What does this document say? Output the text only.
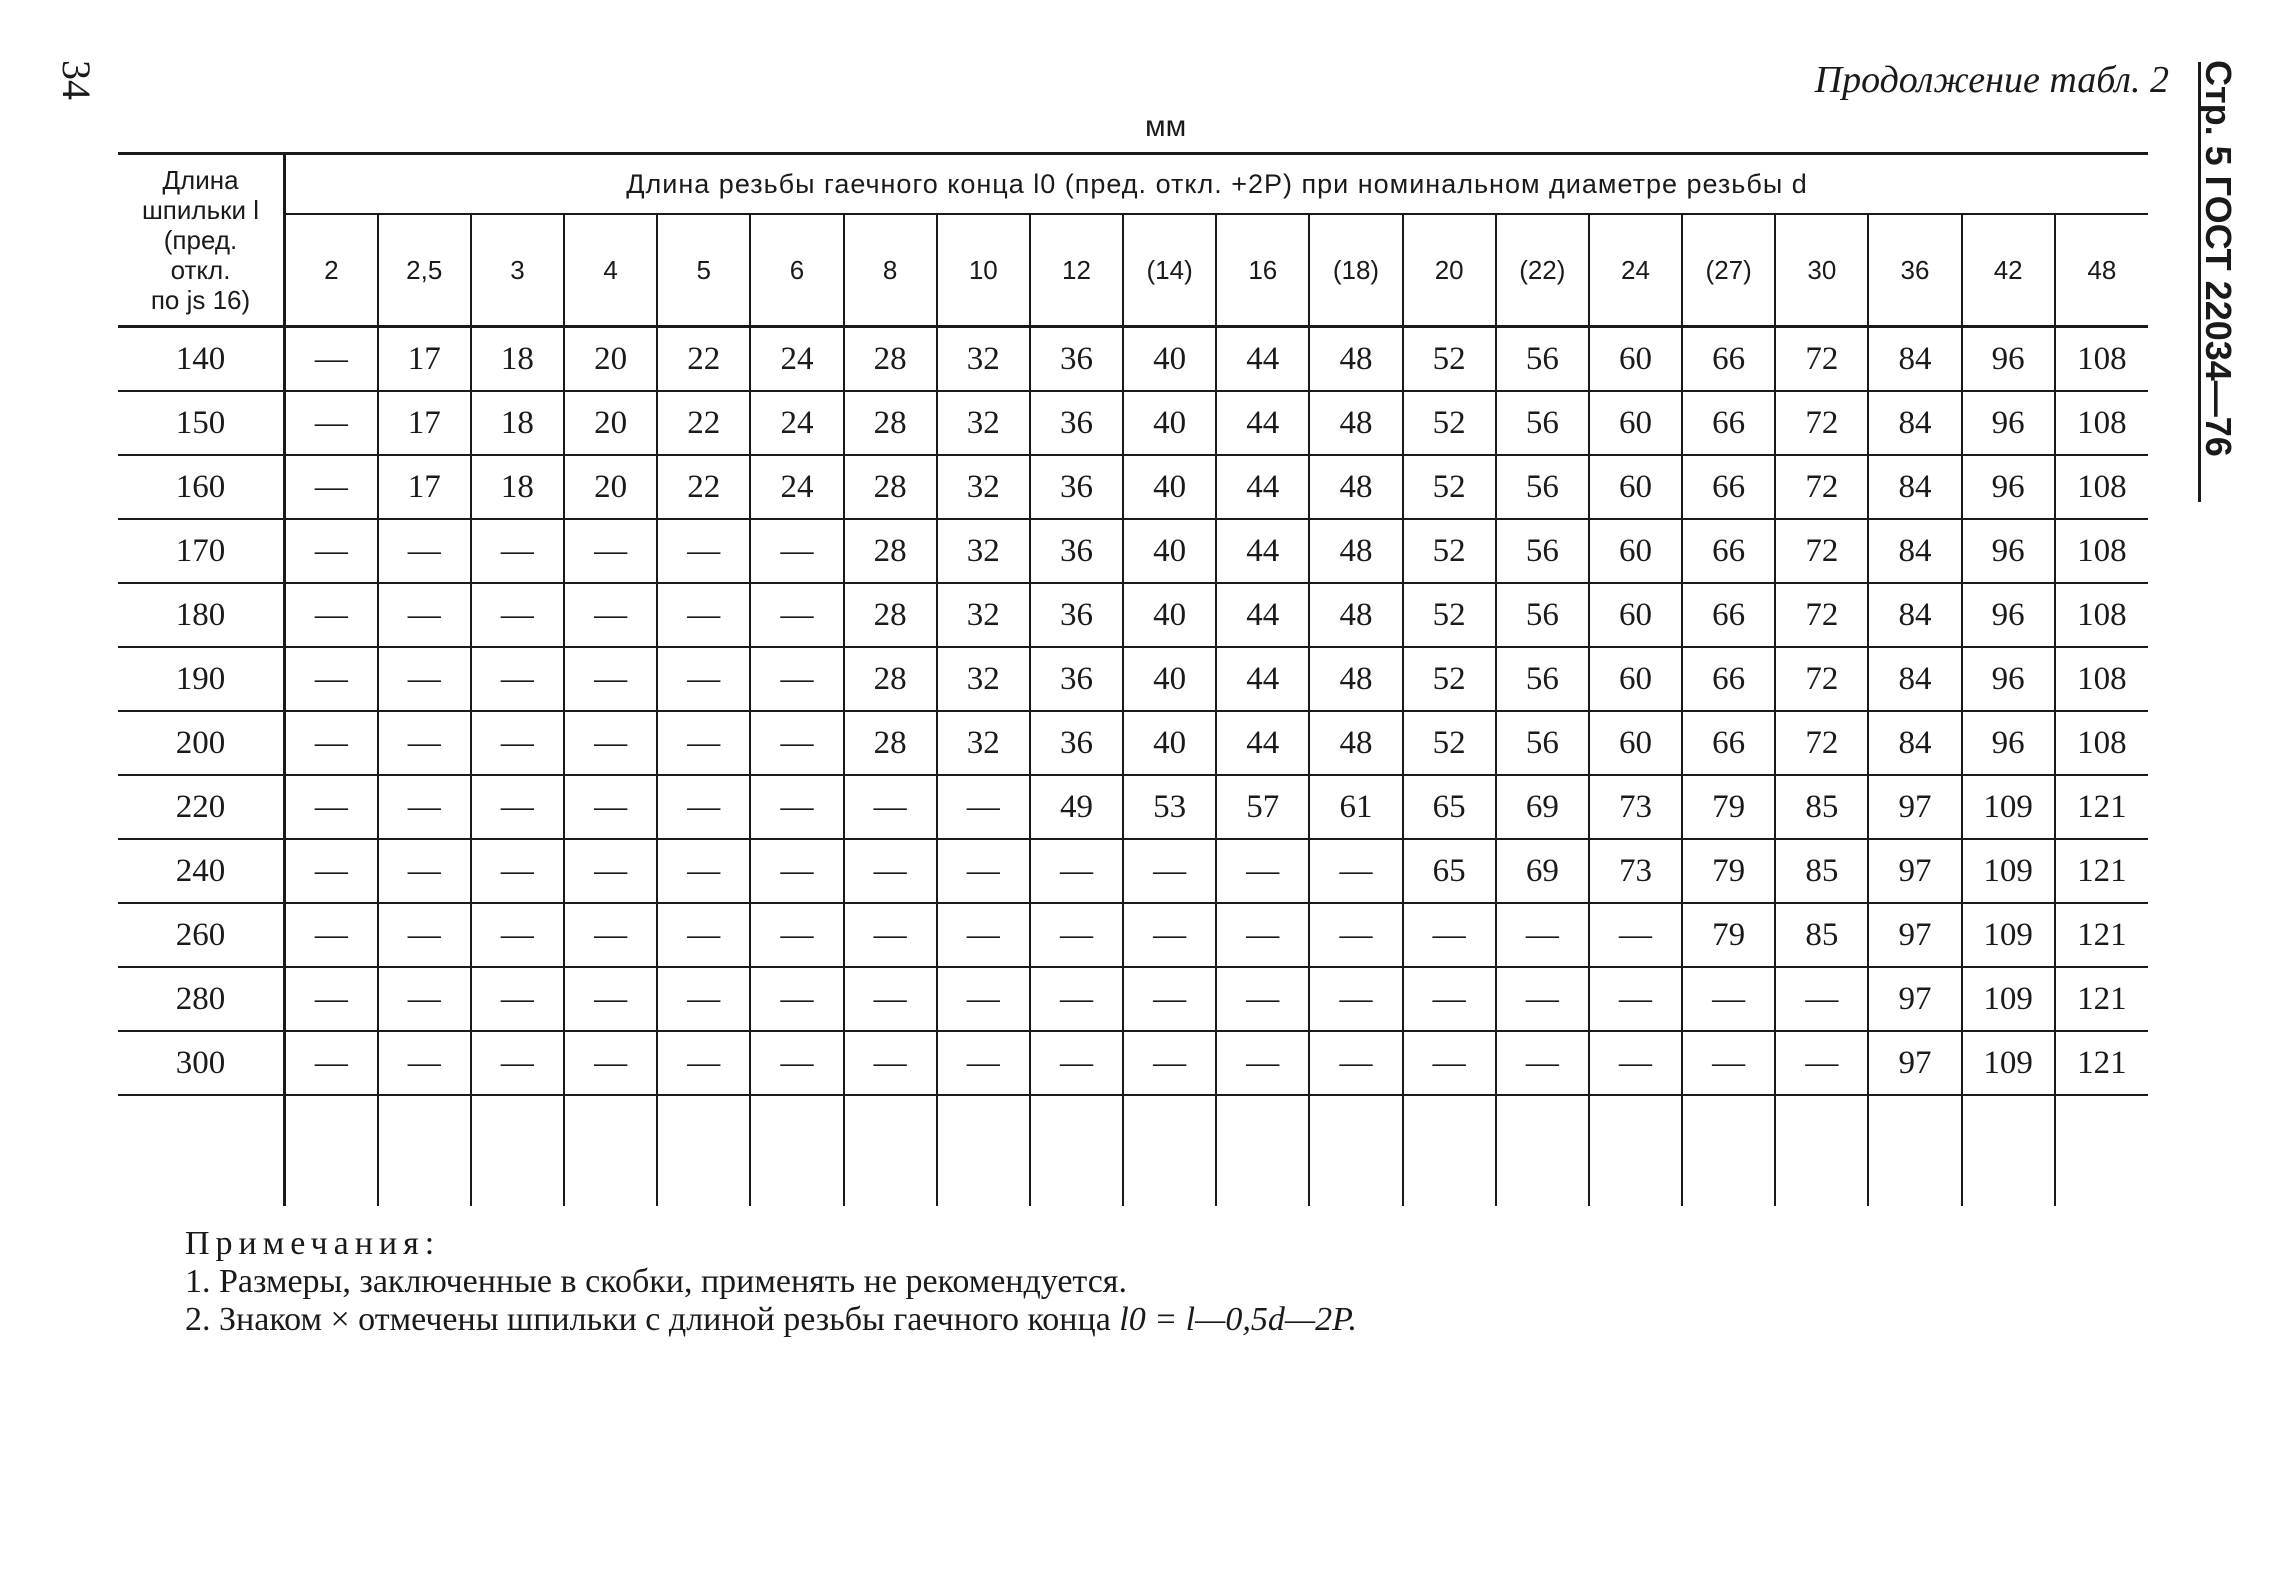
34	Продолжение табл. 2 Стр. 5 ГОСТ 22034—76
мм
Длина
шпильки l
(пред.
откл.
по js 16)	Длина резьбы гаечного конца l0 (пред. откл. +2P) при номинальном диаметре резьбы d																			
	2	2,5	3	4	5	6	8	10	12	(14)	16	(18)	20	(22)	24	(27)	30	36	42	48
140	—	17	18	20	22	24	28	32	36	40	44	48	52	56	60	66	72	84	96	108
150	—	17	18	20	22	24	28	32	36	40	44	48	52	56	60	66	72	84	96	108
160	—	17	18	20	22	24	28	32	36	40	44	48	52	56	60	66	72	84	96	108
170	—	—	—	—	—	—	28	32	36	40	44	48	52	56	60	66	72	84	96	108
180	—	—	—	—	—	—	28	32	36	40	44	48	52	56	60	66	72	84	96	108
190	—	—	—	—	—	—	28	32	36	40	44	48	52	56	60	66	72	84	96	108
200	—	—	—	—	—	—	28	32	36	40	44	48	52	56	60	66	72	84	96	108
220	—	—	—	—	—	—	—	—	49	53	57	61	65	69	73	79	85	97	109	121
240	—	—	—	—	—	—	—	—	—	—	—	—	65	69	73	79	85	97	109	121
260	—	—	—	—	—	—	—	—	—	—	—	—	—	—	—	79	85	97	109	121
280	—	—	—	—	—	—	—	—	—	—	—	—	—	—	—	—	—	97	109	121
300	—	—	—	—	—	—	—	—	—	—	—	—	—	—	—	—	—	97	109	121

Примечания:
1. Размеры, заключенные в скобки, применять не рекомендуется.
2. Знаком × отмечены шпильки с длиной резьбы гаечного конца l0 = l—0,5d—2P.
